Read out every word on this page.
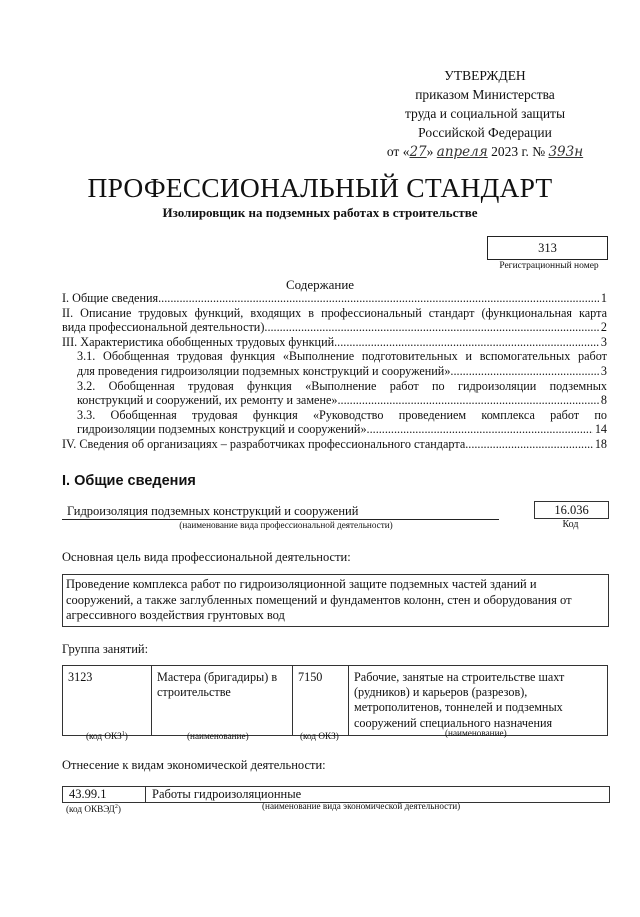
УТВЕРЖДЕН
приказом Министерства
труда и социальной защиты
Российской Федерации
от «27» апреля 2023 г. № 393н
ПРОФЕССИОНАЛЬНЫЙ СТАНДАРТ
Изолировщик на подземных работах в строительстве
313
Регистрационный номер
Содержание
I. Общие сведения .....	1
II. Описание трудовых функций, входящих в профессиональный стандарт (функциональная карта
вида профессиональной деятельности) .....	2
III. Характеристика обобщенных трудовых функций .....	3
3.1. Обобщенная трудовая функция «Выполнение подготовительных и вспомогательных работ
для проведения гидроизоляции подземных конструкций и сооружений» .....	3
3.2. Обобщенная трудовая функция «Выполнение работ по гидроизоляции подземных
конструкций и сооружений, их ремонту и замене» .....	8
3.3. Обобщенная трудовая функция «Руководство проведением комплекса работ по
гидроизоляции подземных конструкций и сооружений» .....	14
IV. Сведения об организациях – разработчиках профессионального стандарта .....	18
I. Общие сведения
Гидроизоляция подземных конструкций и сооружений
(наименование вида профессиональной деятельности)
16.036
Код
Основная цель вида профессиональной деятельности:
Проведение комплекса работ по гидроизоляционной защите подземных частей зданий и
сооружений, а также заглубленных помещений и фундаментов колонн, стен и оборудования от
агрессивного воздействия грунтовых вод
Группа занятий:
3123	Мастера (бригадиры) в строительстве	7150	Рабочие, занятые на строительстве шахт (рудников) и карьеров (разрезов), метрополитенов, тоннелей и подземных сооружений специального назначения
(код ОКЗ$^1$)	(наименование)	(код ОКЗ)	(наименование)
Отнесение к видам экономической деятельности:
43.99.1	Работы гидроизоляционные
(код ОКВЭД$^2$)	(наименование вида экономической деятельности)
